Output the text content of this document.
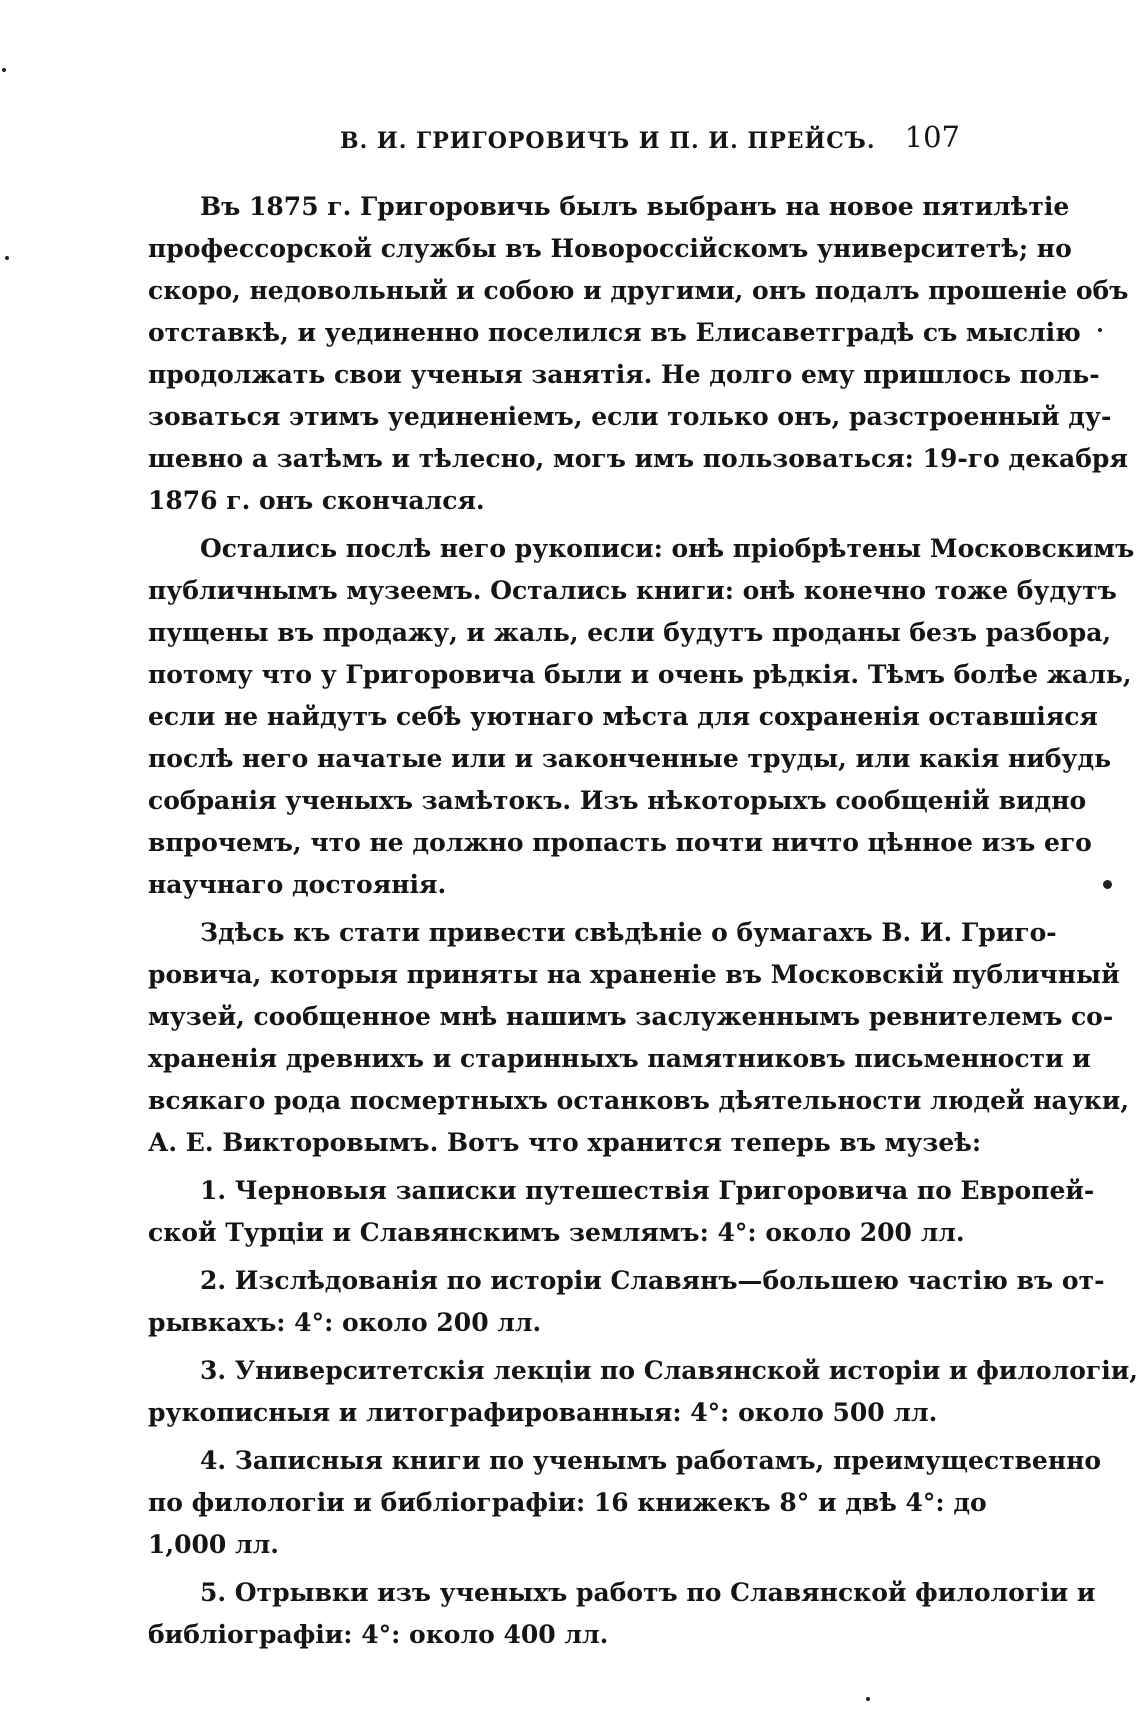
В. И. ГРИГОРОВИЧЪ И П. И. ПРЕЙСЪ. 107
Въ 1875 г. Григоровичь былъ выбранъ на новое пятилѣтіе
профессорской службы въ Новороссійскомъ университетѣ; но
скоро, недовольный и собою и другими, онъ подалъ прошеніе объ
отставкѣ, и уединенно поселился въ Елисаветградѣ съ мыслію
продолжать свои ученыя занятія. Не долго ему пришлось поль-
зоваться этимъ уединеніемъ, если только онъ, разстроенный ду-
шевно а затѣмъ и тѣлесно, могъ имъ пользоваться: 19-го декабря
1876 г. онъ скончался.
Остались послѣ него рукописи: онѣ пріобрѣтены Московскимъ
публичнымъ музеемъ. Остались книги: онѣ конечно тоже будутъ
пущены въ продажу, и жаль, если будутъ проданы безъ разбора,
потому что у Григоровича были и очень рѣдкія. Тѣмъ болѣе жаль,
если не найдутъ себѣ уютнаго мѣста для сохраненія оставшіяся
послѣ него начатые или и законченные труды, или какія нибудь
собранія ученыхъ замѣтокъ. Изъ нѣкоторыхъ сообщеній видно
впрочемъ, что не должно пропасть почти ничто цѣнное изъ его
научнаго достоянія.
Здѣсь къ стати привести свѣдѣніе о бумагахъ В. И. Григо-
ровича, которыя приняты на храненіе въ Московскій публичный
музей, сообщенное мнѣ нашимъ заслуженнымъ ревнителемъ со-
храненія древнихъ и старинныхъ памятниковъ письменности и
всякаго рода посмертныхъ останковъ дѣятельности людей науки,
А. Е. Викторовымъ. Вотъ что хранится теперь въ музеѣ:
1. Черновыя записки путешествія Григоровича по Европей-
ской Турціи и Славянскимъ землямъ: 4°: около 200 лл.
2. Изслѣдованія по исторіи Славянъ—большею частію въ от-
рывкахъ: 4°: около 200 лл.
3. Университетскія лекціи по Славянской исторіи и филологіи,
рукописныя и литографированныя: 4°: около 500 лл.
4. Записныя книги по ученымъ работамъ, преимущественно
по филологіи и библіографіи: 16 книжекъ 8° и двѣ 4°: до
1,000 лл.
5. Отрывки изъ ученыхъ работъ по Славянской филологіи и
библіографіи: 4°: около 400 лл.
